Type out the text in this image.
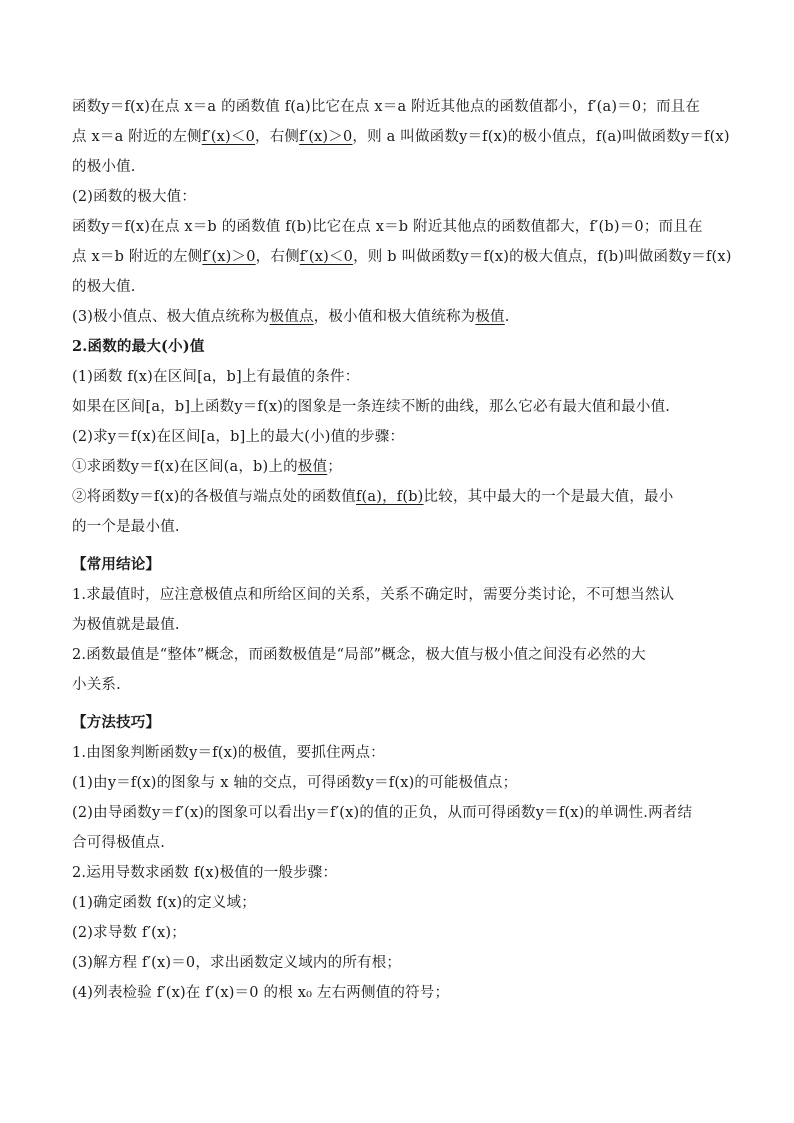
函数y＝f(x)在点 x＝a 的函数值 f(a)比它在点 x＝a 附近其他点的函数值都小，f′(a)＝0；而且在
点 x＝a 附近的左侧f′(x)＜0，右侧f′(x)＞0，则 a 叫做函数y＝f(x)的极小值点，f(a)叫做函数y＝f(x)
的极小值.
(2)函数的极大值：
函数y＝f(x)在点 x＝b 的函数值 f(b)比它在点 x＝b 附近其他点的函数值都大，f′(b)＝0；而且在
点 x＝b 附近的左侧f′(x)＞0，右侧f′(x)＜0，则 b 叫做函数y＝f(x)的极大值点，f(b)叫做函数y＝f(x)
的极大值.
(3)极小值点、极大值点统称为极值点，极小值和极大值统称为极值.
2.函数的最大(小)值
(1)函数 f(x)在区间[a，b]上有最值的条件：
如果在区间[a，b]上函数y＝f(x)的图象是一条连续不断的曲线，那么它必有最大值和最小值.
(2)求y＝f(x)在区间[a，b]上的最大(小)值的步骤：
①求函数y＝f(x)在区间(a，b)上的极值；
②将函数y＝f(x)的各极值与端点处的函数值f(a)，f(b)比较，其中最大的一个是最大值，最小
的一个是最小值.
【常用结论】
1.求最值时，应注意极值点和所给区间的关系，关系不确定时，需要分类讨论，不可想当然认
为极值就是最值.
2.函数最值是“整体”概念，而函数极值是“局部”概念，极大值与极小值之间没有必然的大
小关系.
【方法技巧】
1.由图象判断函数y＝f(x)的极值，要抓住两点：
(1)由y＝f(x)的图象与 x 轴的交点，可得函数y＝f(x)的可能极值点；
(2)由导函数y＝f′(x)的图象可以看出y＝f′(x)的值的正负，从而可得函数y＝f(x)的单调性.两者结
合可得极值点.
2.运用导数求函数 f(x)极值的一般步骤：
(1)确定函数 f(x)的定义域；
(2)求导数 f′(x)；
(3)解方程 f′(x)＝0，求出函数定义域内的所有根；
(4)列表检验 f′(x)在 f′(x)＝0 的根 x₀ 左右两侧值的符号；
